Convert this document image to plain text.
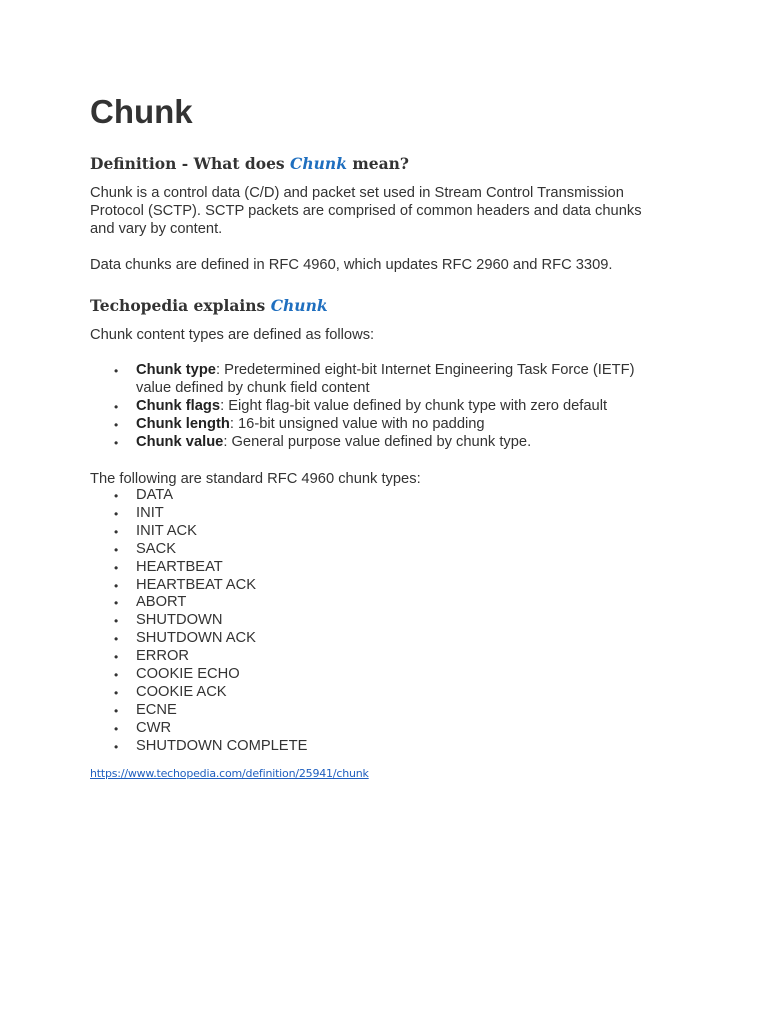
Chunk
Definition - What does Chunk mean?

Chunk is a control data (C/D) and packet set used in Stream Control Transmission Protocol (SCTP). SCTP packets are comprised of common headers and data chunks and vary by content.

Data chunks are defined in RFC 4960, which updates RFC 2960 and RFC 3309.

Techopedia explains Chunk

Chunk content types are defined as follows:

• Chunk type: Predetermined eight-bit Internet Engineering Task Force (IETF) value defined by chunk field content
• Chunk flags: Eight flag-bit value defined by chunk type with zero default
• Chunk length: 16-bit unsigned value with no padding
• Chunk value: General purpose value defined by chunk type.

The following are standard RFC 4960 chunk types:

• DATA
• INIT
• INIT ACK
• SACK
• HEARTBEAT
• HEARTBEAT ACK
• ABORT
• SHUTDOWN
• SHUTDOWN ACK
• ERROR
• COOKIE ECHO
• COOKIE ACK
• ECNE
• CWR
• SHUTDOWN COMPLETE
https://www.techopedia.com/definition/25941/chunk
